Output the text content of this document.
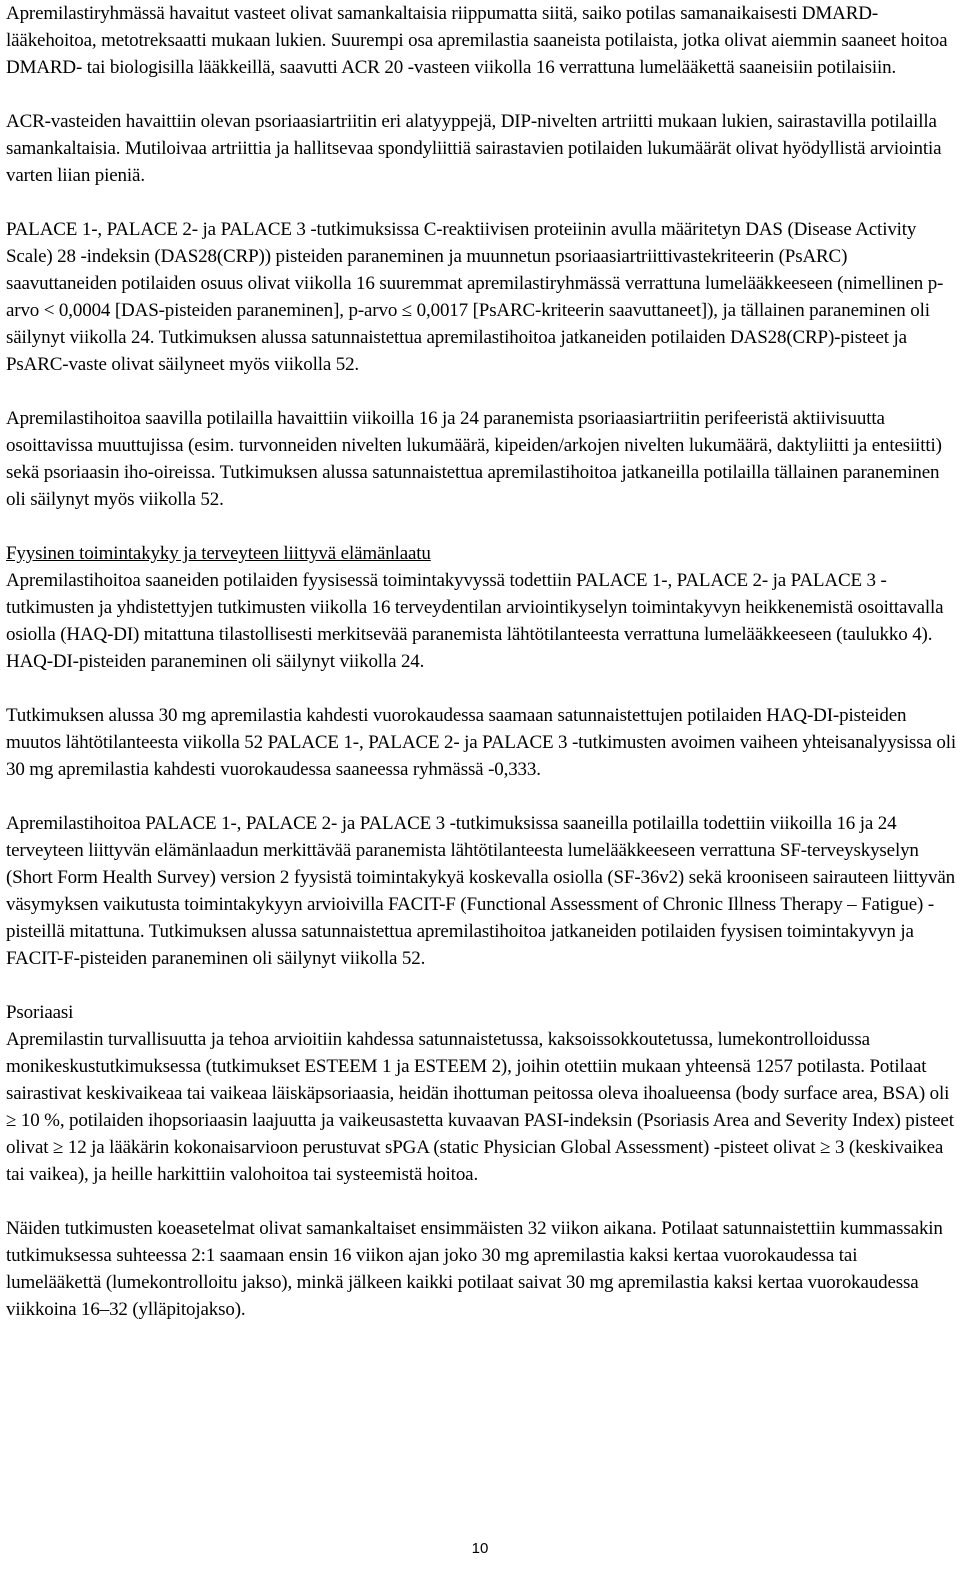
Apremilastiryhmässä havaitut vasteet olivat samankaltaisia riippumatta siitä, saiko potilas samanaikaisesti DMARD-lääkehoitoa, metotreksaatti mukaan lukien. Suurempi osa apremilastia saaneista potilaista, jotka olivat aiemmin saaneet hoitoa DMARD- tai biologisilla lääkkeillä, saavutti ACR 20 -vasteen viikolla 16 verrattuna lumelääkettä saaneisiin potilaisiin.

ACR-vasteiden havaittiin olevan psoriaasiartriitin eri alatyyppejä, DIP-nivelten artriitti mukaan lukien, sairastavilla potilailla samankaltaisia. Mutiloivaa artriittia ja hallitsevaa spondyliittiä sairastavien potilaiden lukumäärät olivat hyödyllistä arviointia varten liian pieniä.

PALACE 1-, PALACE 2- ja PALACE 3 -tutkimuksissa C-reaktiivisen proteiinin avulla määritetyn DAS (Disease Activity Scale) 28 -indeksin (DAS28(CRP)) pisteiden paraneminen ja muunnetun psoriaasiartriittivastekriteerin (PsARC) saavuttaneiden potilaiden osuus olivat viikolla 16 suuremmat apremilastiryhmässä verrattuna lumelääkkeeseen (nimellinen p-arvo < 0,0004 [DAS-pisteiden paraneminen], p-arvo ≤ 0,0017 [PsARC-kriteerin saavuttaneet]), ja tällainen paraneminen oli säilynyt viikolla 24. Tutkimuksen alussa satunnaistettua apremilastihoitoa jatkaneiden potilaiden DAS28(CRP)-pisteet ja PsARC-vaste olivat säilyneet myös viikolla 52.

Apremilastihoitoa saavilla potilailla havaittiin viikoilla 16 ja 24 paranemista psoriaasiartriitin perifeeristä aktiivisuutta osoittavissa muuttujissa (esim. turvonneiden nivelten lukumäärä, kipeiden/arkojen nivelten lukumäärä, daktyliitti ja entesiitti) sekä psoriaasin iho-oireissa. Tutkimuksen alussa satunnaistettua apremilastihoitoa jatkaneilla potilailla tällainen paraneminen oli säilynyt myös viikolla 52.

Fyysinen toimintakyky ja terveyteen liittyvä elämänlaatu

Apremilastihoitoa saaneiden potilaiden fyysisessä toimintakyvyssä todettiin PALACE 1-, PALACE 2- ja PALACE 3 -tutkimusten ja yhdistettyjen tutkimusten viikolla 16 terveydentilan arviointikyselyn toimintakyvyn heikkenemistä osoittavalla osiolla (HAQ-DI) mitattuna tilastollisesti merkitsevää paranemista lähtötilanteesta verrattuna lumelääkkeeseen (taulukko 4). HAQ-DI-pisteiden paraneminen oli säilynyt viikolla 24.

Tutkimuksen alussa 30 mg apremilastia kahdesti vuorokaudessa saamaan satunnaistettujen potilaiden HAQ-DI-pisteiden muutos lähtötilanteesta viikolla 52 PALACE 1-, PALACE 2- ja PALACE 3 -tutkimusten avoimen vaiheen yhteisanalyysissa oli 30 mg apremilastia kahdesti vuorokaudessa saaneessa ryhmässä -0,333.

Apremilastihoitoa PALACE 1-, PALACE 2- ja PALACE 3 -tutkimuksissa saaneilla potilailla todettiin viikoilla 16 ja 24 terveyteen liittyvän elämänlaadun merkittävää paranemista lähtötilanteesta lumelääkkeeseen verrattuna SF-terveyskyselyn (Short Form Health Survey) version 2 fyysistä toimintakykyä koskevalla osiolla (SF-36v2) sekä krooniseen sairauteen liittyvän väsymyksen vaikutusta toimintakykyyn arvioivilla FACIT-F (Functional Assessment of Chronic Illness Therapy – Fatigue) -pisteillä mitattuna. Tutkimuksen alussa satunnaistettua apremilastihoitoa jatkaneiden potilaiden fyysisen toimintakyvyn ja FACIT-F-pisteiden paraneminen oli säilynyt viikolla 52.

Psoriaasi

Apremilastin turvallisuutta ja tehoa arvioitiin kahdessa satunnaistetussa, kaksoissokkoutetussa, lumekontrolloidussa monikeskustutkimuksessa (tutkimukset ESTEEM 1 ja ESTEEM 2), joihin otettiin mukaan yhteensä 1257 potilasta. Potilaat sairastivat keskivaikeaa tai vaikeaa läiskäpsoriaasia, heidän ihottuman peitossa oleva ihoalueensa (body surface area, BSA) oli ≥ 10 %, potilaiden ihopsoriaasin laajuutta ja vaikeusastetta kuvaavan PASI-indeksin (Psoriasis Area and Severity Index) pisteet olivat ≥ 12 ja lääkärin kokonaisarvioon perustuvat sPGA (static Physician Global Assessment) -pisteet olivat ≥ 3 (keskivaikea tai vaikea), ja heille harkittiin valohoitoa tai systeemistä hoitoa.

Näiden tutkimusten koeasetelmat olivat samankaltaiset ensimmäisten 32 viikon aikana. Potilaat satunnaistettiin kummassakin tutkimuksessa suhteessa 2:1 saamaan ensin 16 viikon ajan joko 30 mg apremilastia kaksi kertaa vuorokaudessa tai lumelääkettä (lumekontrolloitu jakso), minkä jälkeen kaikki potilaat saivat 30 mg apremilastia kaksi kertaa vuorokaudessa viikkoina 16–32 (ylläpitojakso).

10
